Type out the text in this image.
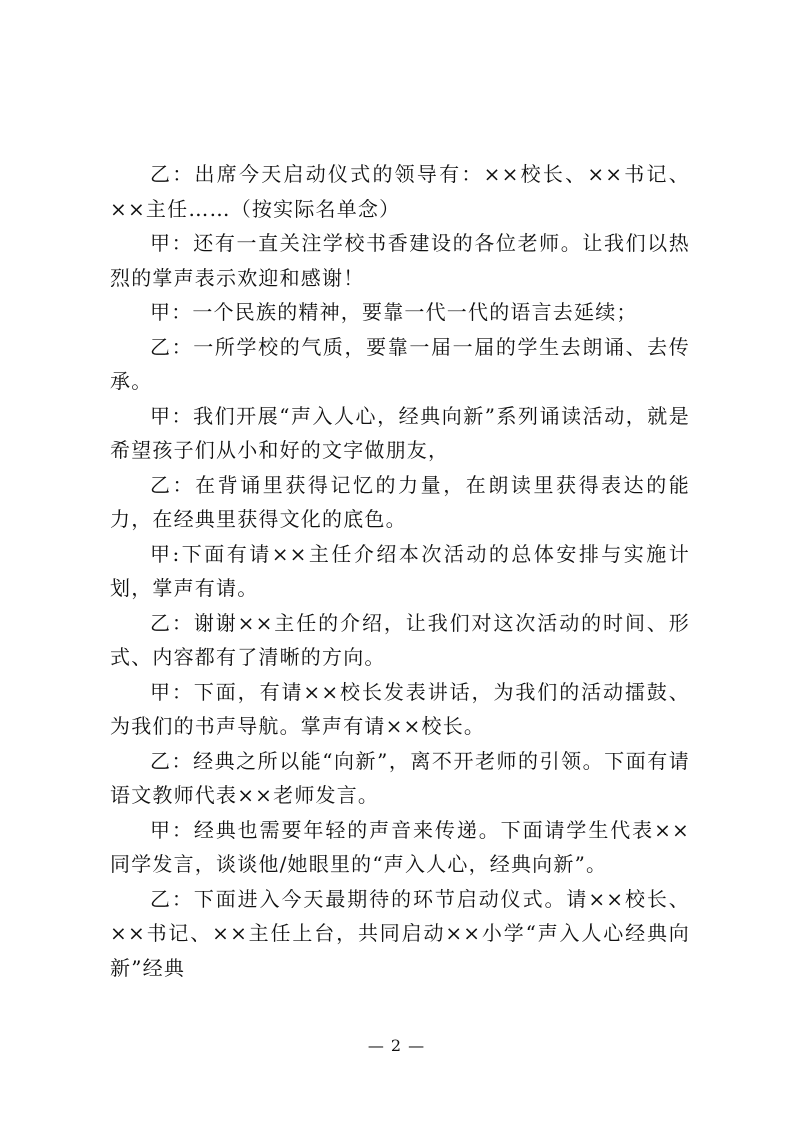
乙：出席今天启动仪式的领导有：××校长、××书记、××主任……（按实际名单念）

甲：还有一直关注学校书香建设的各位老师。让我们以热烈的掌声表示欢迎和感谢！

甲：一个民族的精神，要靠一代一代的语言去延续；

乙：一所学校的气质，要靠一届一届的学生去朗诵、去传承。

甲：我们开展“声入人心，经典向新”系列诵读活动，就是希望孩子们从小和好的文字做朋友，

乙：在背诵里获得记忆的力量，在朗读里获得表达的能力，在经典里获得文化的底色。

甲:下面有请××主任介绍本次活动的总体安排与实施计划，掌声有请。

乙：谢谢××主任的介绍，让我们对这次活动的时间、形式、内容都有了清晰的方向。

甲：下面，有请××校长发表讲话，为我们的活动擂鼓、为我们的书声导航。掌声有请××校长。

乙：经典之所以能“向新”，离不开老师的引领。下面有请语文教师代表××老师发言。

甲：经典也需要年轻的声音来传递。下面请学生代表××同学发言，谈谈他/她眼里的“声入人心，经典向新”。

乙：下面进入今天最期待的环节启动仪式。请××校长、××书记、××主任上台，共同启动××小学“声入人心经典向新”经典

— 2 —
